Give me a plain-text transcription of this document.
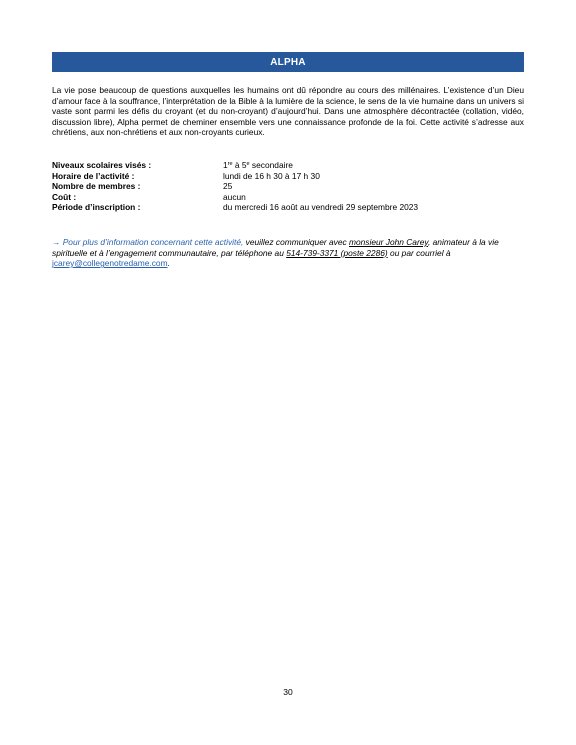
ALPHA
La vie pose beaucoup de questions auxquelles les humains ont dû répondre au cours des millénaires. L’existence d’un Dieu d’amour face à la souffrance, l’interprétation de la Bible à la lumière de la science, le sens de la vie humaine dans un univers si vaste sont parmi les défis du croyant (et du non-croyant) d’aujourd’hui. Dans une atmosphère décontractée (collation, vidéo, discussion libre), Alpha permet de cheminer ensemble vers une connaissance profonde de la foi. Cette activité s’adresse aux chrétiens, aux non-chrétiens et aux non-croyants curieux.
Niveaux scolaires visés :	1re à 5e secondaire
Horaire de l’activité :	lundi de 16 h 30 à 17 h 30
Nombre de membres :	25
Coût :	aucun
Période d’inscription :	du mercredi 16 août au vendredi 29 septembre 2023
→ Pour plus d’information concernant cette activité, veuillez communiquer avec monsieur John Carey, animateur à la vie spirituelle et à l’engagement communautaire, par téléphone au 514-739-3371 (poste 2286) ou par courriel à jcarey@collegenotredame.com.
30
